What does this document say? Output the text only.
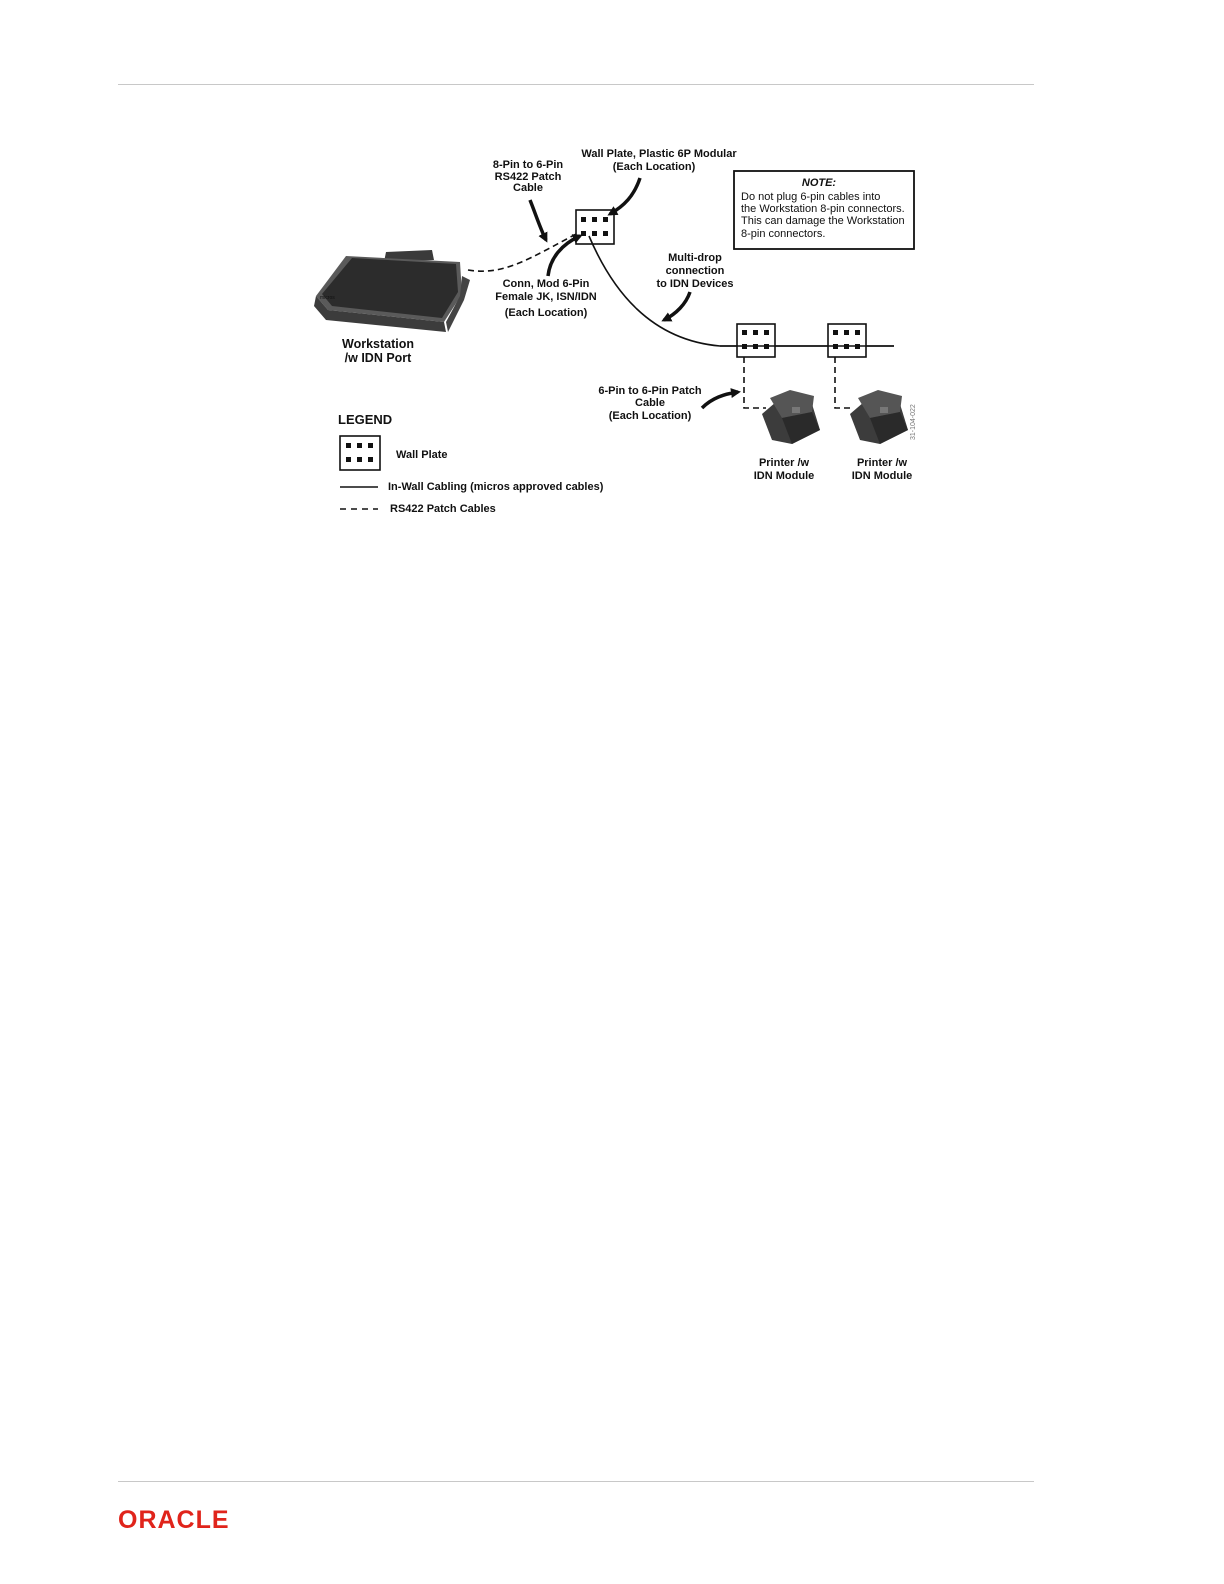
micros
8-Pin to 6-Pin
RS422 Patch
Cable
Wall Plate, Plastic 6P Modular
(Each Location)
Conn, Mod 6-Pin
Female JK, ISN/IDN
(Each Location)
Multi-drop
connection
to IDN Devices
Workstation
/w IDN Port
6-Pin to 6-Pin Patch
Cable
(Each Location)
Printer /w
IDN Module
Printer /w
IDN Module
NOTE:
Do not plug 6-pin cables into
the Workstation 8-pin connectors.
This can damage the Workstation
8-pin connectors.
31-104-022
LEGEND
Wall Plate
In-Wall Cabling (micros approved cables)
RS422 Patch Cables
ORACLE
